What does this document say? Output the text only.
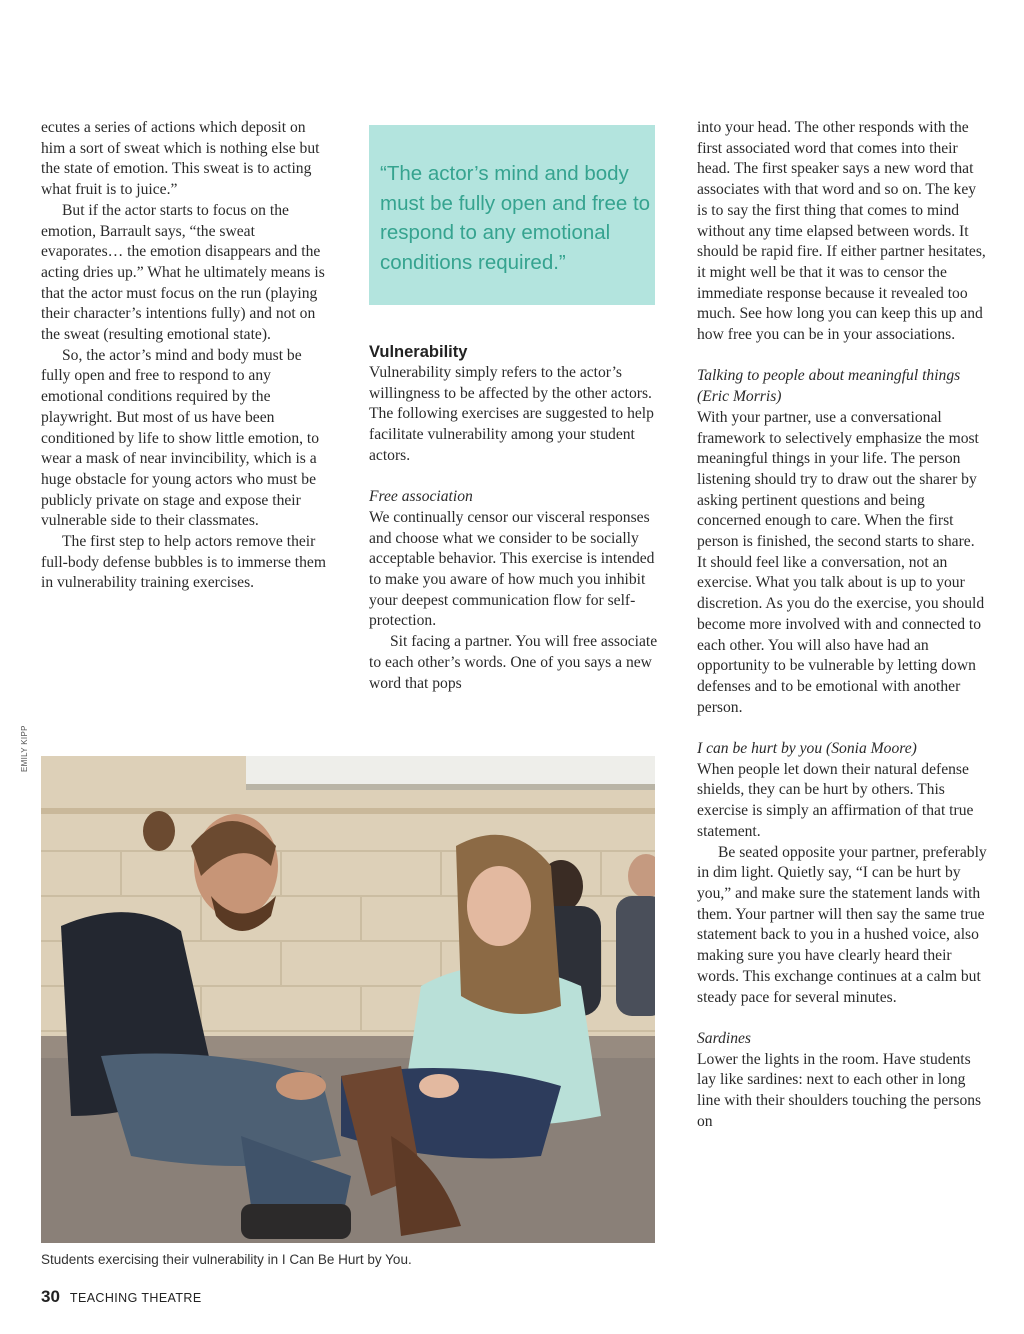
ecutes a series of actions which deposit on him a sort of sweat which is nothing else but the state of emotion. This sweat is to acting what fruit is to juice.”

But if the actor starts to focus on the emotion, Barrault says, “the sweat evaporates… the emotion disappears and the acting dries up.” What he ultimately means is that the actor must focus on the run (playing their character’s intentions fully) and not on the sweat (resulting emotional state).

So, the actor’s mind and body must be fully open and free to respond to any emotional conditions required by the playwright. But most of us have been conditioned by life to show little emotion, to wear a mask of near invincibility, which is a huge obstacle for young actors who must be publicly private on stage and expose their vulnerable side to their classmates.

The first step to help actors remove their full-body defense bubbles is to immerse them in vulnerability training exercises.

“The actor’s mind and body must be fully open and free to respond to any emotional conditions required.”
Vulnerability

Vulnerability simply refers to the actor’s willingness to be affected by the other actors. The following exercises are suggested to help facilitate vulnerability among your student actors.

Free association

We continually censor our visceral responses and choose what we consider to be socially acceptable behavior. This exercise is intended to make you aware of how much you inhibit your deepest communication flow for self-protection.

Sit facing a partner. You will free associate to each other’s words. One of you says a new word that pops

into your head. The other responds with the first associated word that comes into their head. The first speaker says a new word that associates with that word and so on. The key is to say the first thing that comes to mind without any time elapsed between words. It should be rapid fire. If either partner hesitates, it might well be that it was to censor the immediate response because it revealed too much. See how long you can keep this up and how free you can be in your associations.

Talking to people about meaningful things (Eric Morris)

With your partner, use a conversational framework to selectively emphasize the most meaningful things in your life. The person listening should try to draw out the sharer by asking pertinent questions and being concerned enough to care. When the first person is finished, the second starts to share. It should feel like a conversation, not an exercise. What you talk about is up to your discretion. As you do the exercise, you should become more involved with and connected to each other. You will also have had an opportunity to be vulnerable by letting down defenses and to be emotional with another person.

I can be hurt by you (Sonia Moore)

When people let down their natural defense shields, they can be hurt by others. This exercise is simply an affirmation of that true statement.

Be seated opposite your partner, preferably in dim light. Quietly say, “I can be hurt by you,” and make sure the statement lands with them. Your partner will then say the same true statement back to you in a hushed voice, also making sure you have clearly heard their words. This exchange continues at a calm but steady pace for several minutes.

Sardines

Lower the lights in the room. Have students lay like sardines: next to each other in long line with their shoulders touching the persons on

EMILY KIPP
Students exercising their vulnerability in I Can Be Hurt by You.
30 TEACHING THEATRE
